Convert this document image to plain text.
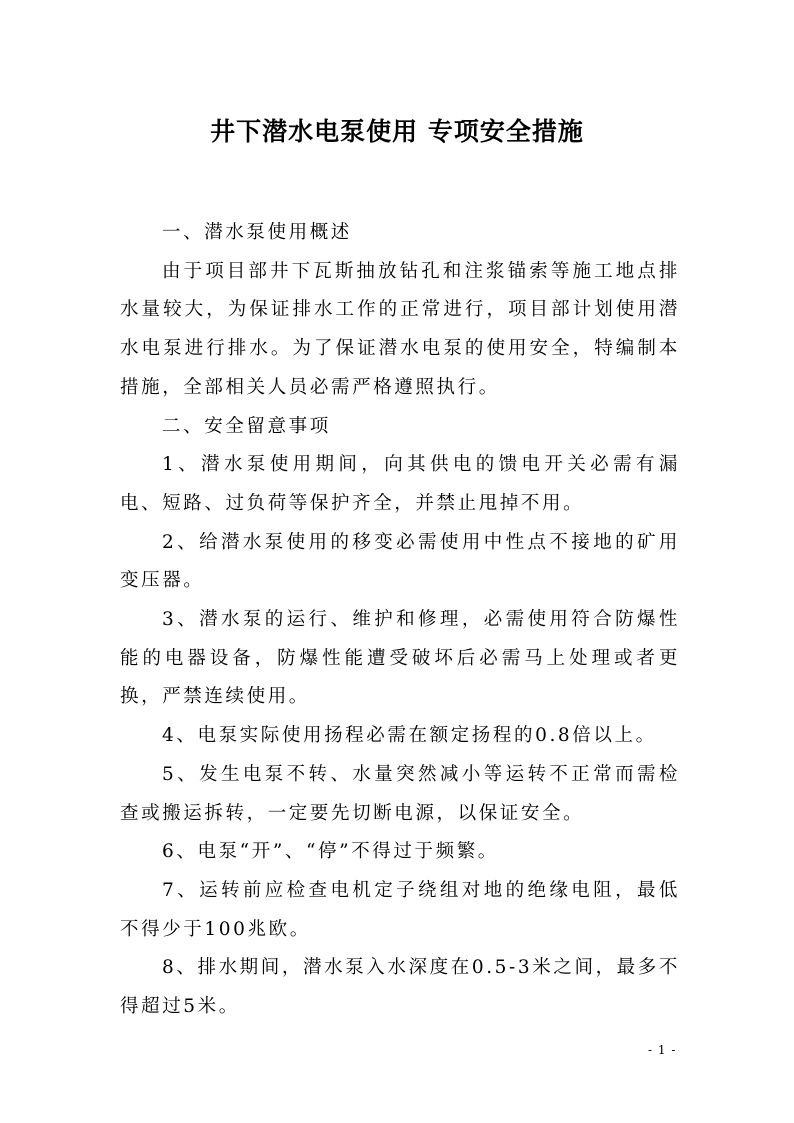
井下潜水电泵使用 专项安全措施

一、潜水泵使用概述

由于项目部井下瓦斯抽放钻孔和注浆锚索等施工地点排水量较大，为保证排水工作的正常进行，项目部计划使用潜水电泵进行排水。为了保证潜水电泵的使用安全，特编制本措施，全部相关人员必需严格遵照执行。

二、安全留意事项

1、潜水泵使用期间，向其供电的馈电开关必需有漏电、短路、过负荷等保护齐全，并禁止甩掉不用。

2、给潜水泵使用的移变必需使用中性点不接地的矿用变压器。

3、潜水泵的运行、维护和修理，必需使用符合防爆性能的电器设备，防爆性能遭受破坏后必需马上处理或者更换，严禁连续使用。

4、电泵实际使用扬程必需在额定扬程的0.8倍以上。

5、发生电泵不转、水量突然减小等运转不正常而需检查或搬运拆转，一定要先切断电源，以保证安全。

6、电泵“开”、“停”不得过于频繁。

7、运转前应检查电机定子绕组对地的绝缘电阻，最低不得少于100兆欧。

8、排水期间，潜水泵入水深度在0.5-3米之间，最多不得超过5米。

- 1 -
